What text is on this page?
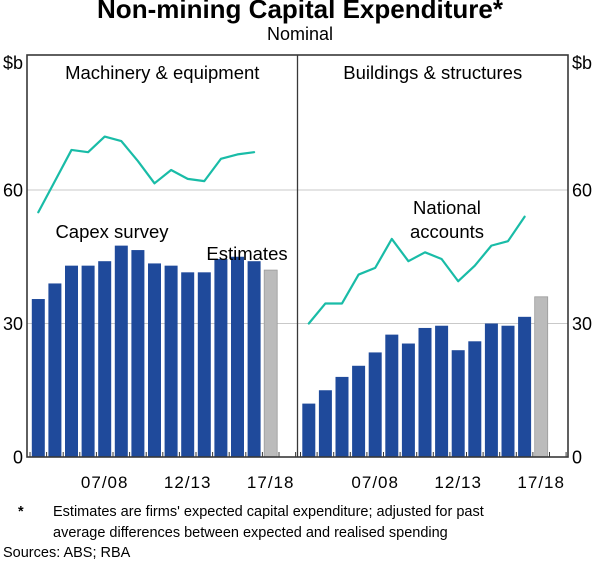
Non-mining Capital Expenditure*
Nominal
0	0
30	30
60	60
$b	$b
07/08 12/13 17/18
Machinery & equipment
Capex survey
Estimates
07/08 12/13 17/18
Buildings & structures
National
accounts
*	Estimates are firms' expected capital expenditure; adjusted for past average differences between expected and realised spending
Sources: ABS; RBA
